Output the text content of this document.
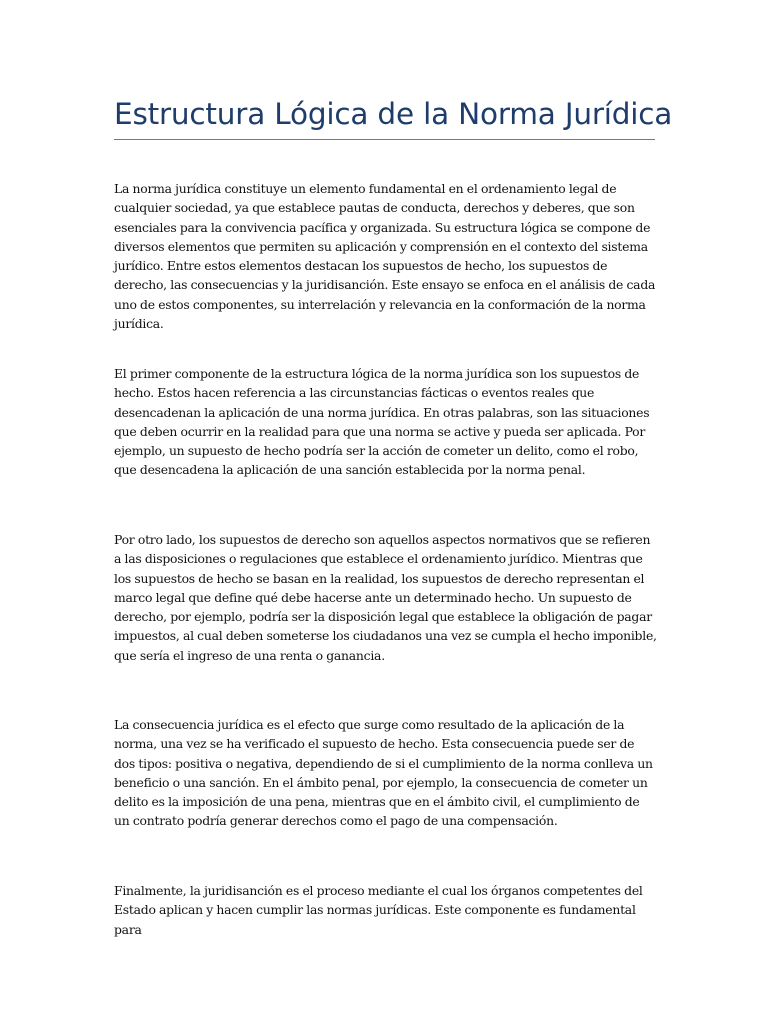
Estructura Lógica de la Norma Jurídica

La norma jurídica constituye un elemento fundamental en el ordenamiento legal de cualquier sociedad, ya que establece pautas de conducta, derechos y deberes, que son esenciales para la convivencia pacífica y organizada. Su estructura lógica se compone de diversos elementos que permiten su aplicación y comprensión en el contexto del sistema jurídico. Entre estos elementos destacan los supuestos de hecho, los supuestos de derecho, las consecuencias y la juridisanción. Este ensayo se enfoca en el análisis de cada uno de estos componentes, su interrelación y relevancia en la conformación de la norma jurídica.

El primer componente de la estructura lógica de la norma jurídica son los supuestos de hecho. Estos hacen referencia a las circunstancias fácticas o eventos reales que desencadenan la aplicación de una norma jurídica. En otras palabras, son las situaciones que deben ocurrir en la realidad para que una norma se active y pueda ser aplicada. Por ejemplo, un supuesto de hecho podría ser la acción de cometer un delito, como el robo, que desencadena la aplicación de una sanción establecida por la norma penal.

Por otro lado, los supuestos de derecho son aquellos aspectos normativos que se refieren a las disposiciones o regulaciones que establece el ordenamiento jurídico. Mientras que los supuestos de hecho se basan en la realidad, los supuestos de derecho representan el marco legal que define qué debe hacerse ante un determinado hecho. Un supuesto de derecho, por ejemplo, podría ser la disposición legal que establece la obligación de pagar impuestos, al cual deben someterse los ciudadanos una vez se cumpla el hecho imponible, que sería el ingreso de una renta o ganancia.

La consecuencia jurídica es el efecto que surge como resultado de la aplicación de la norma, una vez se ha verificado el supuesto de hecho. Esta consecuencia puede ser de dos tipos: positiva o negativa, dependiendo de si el cumplimiento de la norma conlleva un beneficio o una sanción. En el ámbito penal, por ejemplo, la consecuencia de cometer un delito es la imposición de una pena, mientras que en el ámbito civil, el cumplimiento de un contrato podría generar derechos como el pago de una compensación.

Finalmente, la juridisanción es el proceso mediante el cual los órganos competentes del Estado aplican y hacen cumplir las normas jurídicas. Este componente es fundamental para
